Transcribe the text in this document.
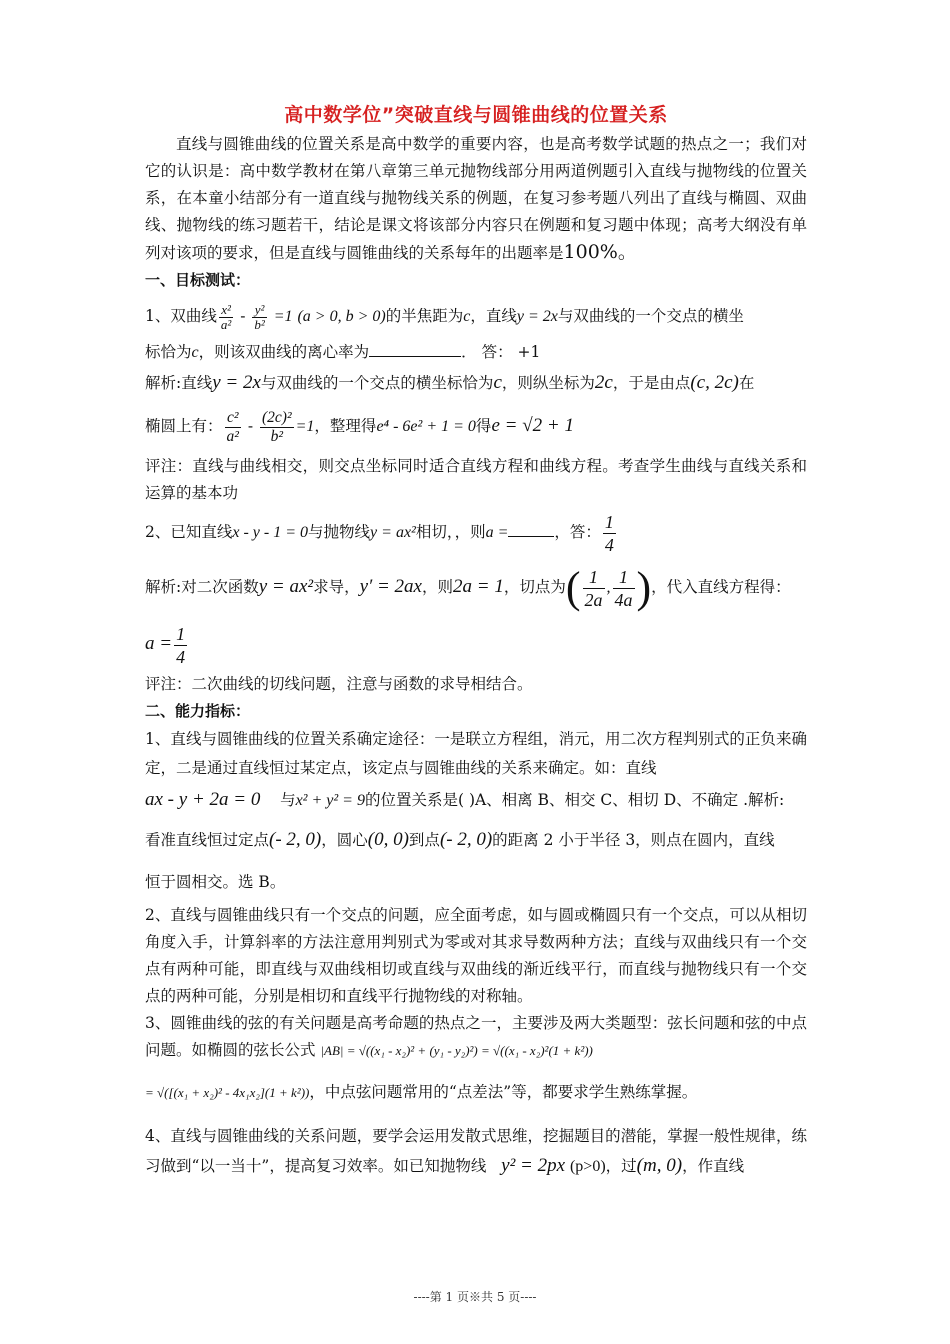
高中数学位”突破直线与圆锥曲线的位置关系

直线与圆锥曲线的位置关系是高中数学的重要内容，也是高考数学试题的热点之一；我们对它的认识是：高中数学教材在第八章第三单元抛物线部分用两道例题引入直线与抛物线的位置关系，在本童小结部分有一道直线与抛物线关系的例题，在复习参考题八列出了直线与椭圆、双曲线、抛物线的练习题若干，结论是课文将该部分内容只在例题和复习题中体现；高考大纲没有单列对该项的要求，但是直线与圆锥曲线的关系每年的出题率是100%。

一、目标测试：

1、双曲线 $\frac{\text{x²}}{\text{a²}} - \frac{\text{y²}}{\text{b²}} =1$ (a > 0, b > 0)的半焦距为c，直线y = 2x与双曲线的一个交点的横坐

标恰为c，则该双曲线的离心率为	． 答： +1

解析:直线y = 2x与双曲线的一个交点的横坐标恰为c，则纵坐标为2c，于是由点(c, 2c)在

椭圆上有： $\frac{\text{c²}}{\text{a²}} - \frac{\text{(2c)²}}{\text{b²}} =1$，整理得e⁴ - 6e² + 1 = 0得e = √2 + 1

评注：直线与曲线相交，则交点坐标同时适合直线方程和曲线方程。考查学生曲线与直线关系和运算的基本功

2、已知直线x - y - 1 = 0与抛物线y = ax²相切，，则a =	，答： $\frac{1}{4}$

解析:对二次函数y = ax²求导，y′ = 2ax，则2a = 1，切点为( $\frac{1}{2a}$ , $\frac{1}{4a}$ )，代入直线方程得：

$a = \frac{1}{4}$

评注：二次曲线的切线问题，注意与函数的求导相结合。

二、能力指标：

1、直线与圆锥曲线的位置关系确定途径：一是联立方程组，消元，用二次方程判别式的正负来确定，二是通过直线恒过某定点，该定点与圆锥曲线的关系来确定。如：直线

ax - y + 2a = 0 与x² + y² = 9的位置关系是( )A、相离 B、相交 C、相切 D、不确定 .解析:

看准直线恒过定点(- 2, 0)，圆心(0, 0)到点(- 2, 0)的距离 2 小于半径 3，则点在圆内，直线

恒于圆相交。选 B。

2、直线与圆锥曲线只有一个交点的问题，应全面考虑，如与圆或椭圆只有一个交点，可以从相切角度入手，计算斜率的方法注意用判别式为零或对其求导数两种方法；直线与双曲线只有一个交点有两种可能，即直线与双曲线相切或直线与双曲线的渐近线平行，而直线与抛物线只有一个交点的两种可能，分别是相切和直线平行抛物线的对称轴。

3、圆锥曲线的弦的有关问题是高考命题的热点之一，主要涉及两大类题型：弦长问题和弦的中点问题。如椭圆的弦长公式 |AB| = √((x₁ - x₂)² + (y₁ - y₂)²) = √((x₁ - x₂)²(1 + k²))

= √([(x₁ + x₂)² - 4x₁x₂](1 + k²))，中点弦问题常用的“点差法”等，都要求学生熟练掌握。

4、直线与圆锥曲线的关系问题，要学会运用发散式思维，挖掘题目的潜能，掌握一般性规律，练习做到“以一当十”，提高复习效率。如已知抛物线 y² = 2px (p>0)，过(m, 0)，作直线

----第 1 页※共 5 页----
